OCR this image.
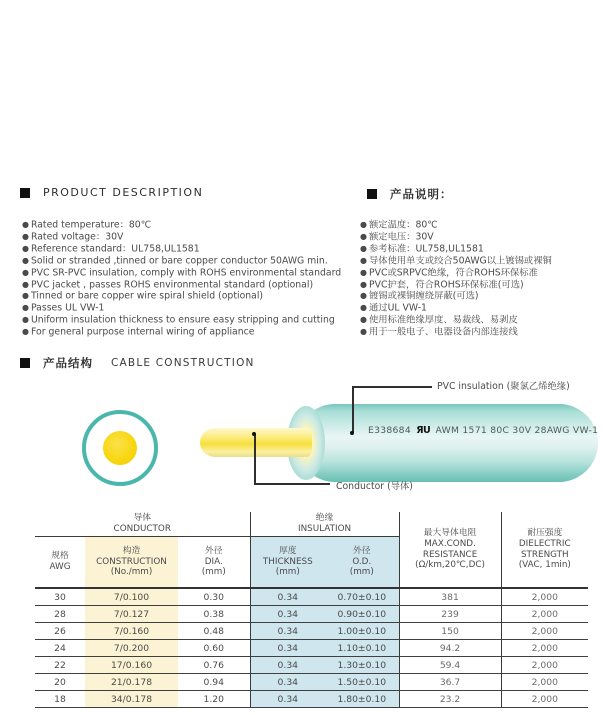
PRODUCT DESCRIPTION
● Rated temperature：80℃
● Rated voltage：30V
● Reference standard：UL758,UL1581
● Solid or stranded ,tinned or bare copper conductor 50AWG min.
● PVC SR-PVC insulation, comply with ROHS environmental standard
● PVC jacket , passes ROHS environmental standard (optional)
● Tinned or bare copper wire spiral shield (optional)
● Passes UL VW-1
● Uniform insulation thickness to ensure easy stripping and cutting
● For general purpose internal wiring of appliance
产品说明：
● 额定温度：80℃
● 额定电压：30V
● 参考标准：UL758,UL1581
● 导体使用单支或绞合50AWG以上镀锡或裸铜
● PVC或SRPVC绝缘，符合ROHS环保标准
● PVC护套，符合ROHS环保标准(可选)
● 镀锡或裸铜缠绕屏蔽(可选)
● 通过UL VW-1
● 使用标准绝缘厚度、易裁线、易剥皮
● 用于一般电子、电器设备内部连接线
产品结构 CABLE CONSTRUCTION
E338684 ЯU AWM 1571 80C 30V 28AWG VW-1
PVC insulation (聚氯乙烯绝缘)
Conductor (导体)
导体
CONDUCTOR			绝缘
INSULATION		最大导体电阻
MAX.COND.
RESISTANCE
(Ω/km,20℃,DC)	耐压强度
DIELECTRIC
STRENGTH
(VAC, 1min)

规格
AWG	构造
CONSTRUCTION
(No./mm)	外径
DIA.
(mm)	厚度
THICKNESS
(mm)	外径
O.D.
(mm)		

30	7/0.100	0.30	0.34	0.70±0.10	381	2,000
28	7/0.127	0.38	0.34	0.90±0.10	239	2,000
26	7/0.160	0.48	0.34	1.00±0.10	150	2,000
24	7/0.200	0.60	0.34	1.10±0.10	94.2	2,000
22	17/0.160	0.76	0.34	1.30±0.10	59.4	2,000
20	21/0.178	0.94	0.34	1.50±0.10	36.7	2,000
18	34/0.178	1.20	0.34	1.80±0.10	23.2	2,000
